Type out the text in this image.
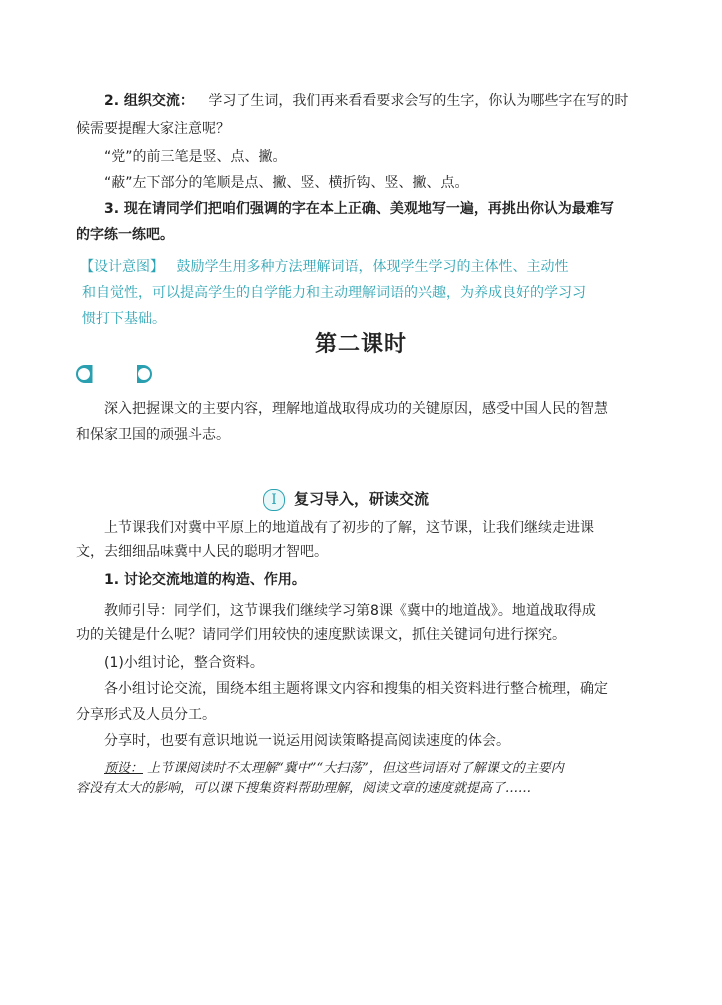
2. 组织交流： 学习了生词，我们再来看看要求会写的生字，你认为哪些字在写的时
候需要提醒大家注意呢？
“党”的前三笔是竖、点、撇。
“蔽”左下部分的笔顺是点、撇、竖、横折钩、竖、撇、点。
3. 现在请同学们把咱们强调的字在本上正确、美观地写一遍，再挑出你认为最难写
的字练一练吧。
【设计意图】 鼓励学生用多种方法理解词语，体现学生学习的主体性、主动性
和自觉性，可以提高学生的自学能力和主动理解词语的兴趣，为养成良好的学习习
惯打下基础。
第二课时
深入把握课文的主要内容，理解地道战取得成功的关键原因，感受中国人民的智慧
和保家卫国的顽强斗志。
I	复习导入，研读交流
上节课我们对冀中平原上的地道战有了初步的了解，这节课，让我们继续走进课
文，去细细品味冀中人民的聪明才智吧。
1. 讨论交流地道的构造、作用。
教师引导：同学们，这节课我们继续学习第8课《冀中的地道战》。地道战取得成
功的关键是什么呢？请同学们用较快的速度默读课文，抓住关键词句进行探究。
(1)小组讨论，整合资料。
各小组讨论交流，围绕本组主题将课文内容和搜集的相关资料进行整合梳理，确定
分享形式及人员分工。
分享时，也要有意识地说一说运用阅读策略提高阅读速度的体会。
预设： 上节课阅读时不太理解“冀中”“大扫荡”，但这些词语对了解课文的主要内
容没有太大的影响，可以课下搜集资料帮助理解，阅读文章的速度就提高了……
